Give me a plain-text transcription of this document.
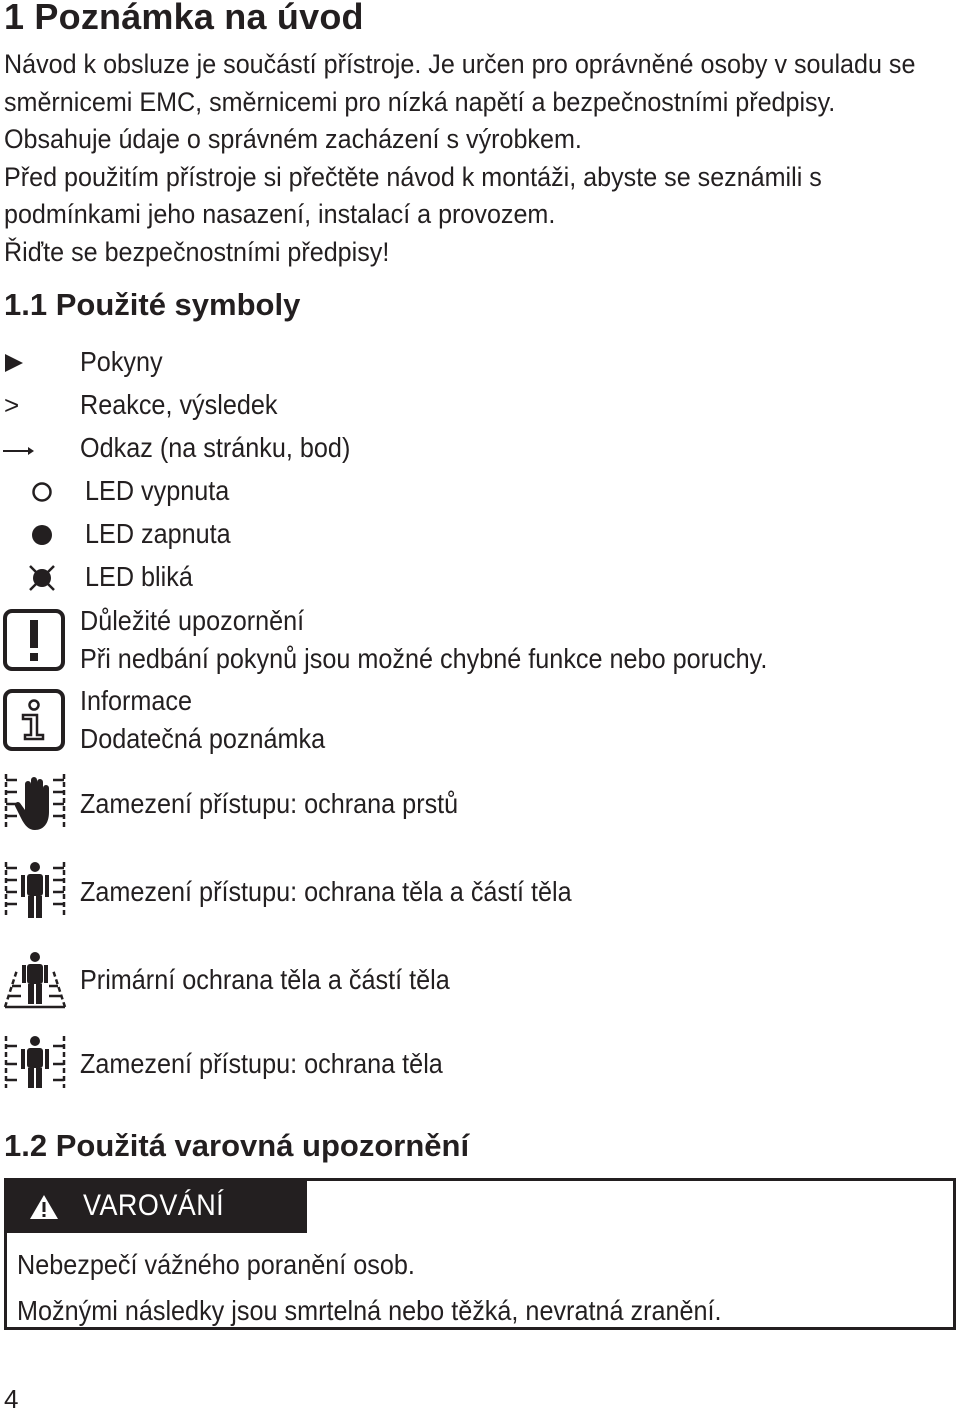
1 Poznámka na úvod
Návod k obsluze je součástí přístroje. Je určen pro oprávněné osoby v souladu se
směrnicemi EMC, směrnicemi pro nízká napětí a bezpečnostními předpisy.
Obsahuje údaje o správném zacházení s výrobkem.
Před použitím přístroje si přečtěte návod k montáži, abyste se seznámili s
podmínkami jeho nasazení, instalací a provozem.
Řiďte se bezpečnostními předpisy!
1.1 Použité symboly
Pokyny
> Reakce, výsledek
Odkaz (na stránku, bod)
LED vypnuta
LED zapnuta
LED bliká
Důležité upozornění
Při nedbání pokynů jsou možné chybné funkce nebo poruchy.
Informace
Dodatečná poznámka
Zamezení přístupu: ochrana prstů
Zamezení přístupu: ochrana těla a částí těla
Primární ochrana těla a částí těla
Zamezení přístupu: ochrana těla
1.2 Použitá varovná upozornění
VAROVÁNÍ
Nebezpečí vážného poranění osob.
Možnými následky jsou smrtelná nebo těžká, nevratná zranění.
4
